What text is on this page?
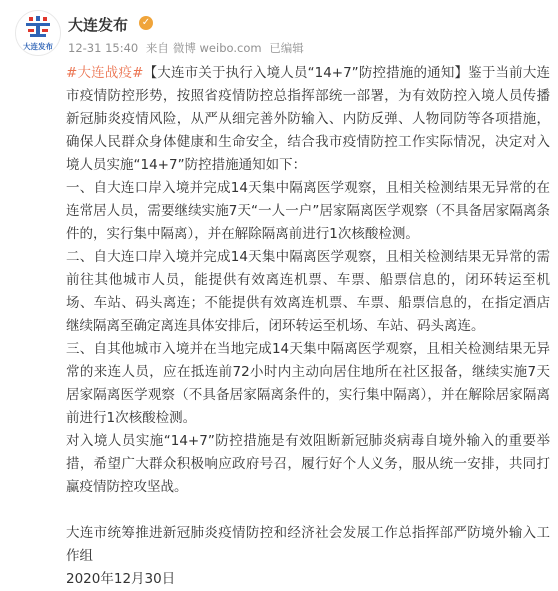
大连发布
大连发布 ✓
12-31 15:40 来自 微博 weibo.com 已编辑

#大连战疫#【大连市关于执行入境人员“14+7”防控措施的通知】鉴于当前大连市疫情防控形势，按照省疫情防控总指挥部统一部署，为有效防控入境人员传播新冠肺炎疫情风险，从严从细完善外防输入、内防反弹、人物同防等各项措施，确保人民群众身体健康和生命安全，结合我市疫情防控工作实际情况，决定对入境人员实施“14+7”防控措施通知如下：

一、自大连口岸入境并完成14天集中隔离医学观察，且相关检测结果无异常的在连常居人员，需要继续实施7天“一人一户”居家隔离医学观察（不具备居家隔离条件的，实行集中隔离），并在解除隔离前进行1次核酸检测。

二、自大连口岸入境并完成14天集中隔离医学观察，且相关检测结果无异常的需前往其他城市人员，能提供有效离连机票、车票、船票信息的，闭环转运至机场、车站、码头离连；不能提供有效离连机票、车票、船票信息的，在指定酒店继续隔离至确定离连具体安排后，闭环转运至机场、车站、码头离连。

三、自其他城市入境并在当地完成14天集中隔离医学观察，且相关检测结果无异常的来连人员，应在抵连前72小时内主动向居住地所在社区报备，继续实施7天居家隔离医学观察（不具备居家隔离条件的，实行集中隔离），并在解除居家隔离前进行1次核酸检测。

对入境人员实施“14+7”防控措施是有效阻断新冠肺炎病毒自境外输入的重要举措，希望广大群众积极响应政府号召，履行好个人义务，服从统一安排，共同打赢疫情防控攻坚战。

大连市统筹推进新冠肺炎疫情防控和经济社会发展工作总指挥部严防境外输入工作组

2020年12月30日
